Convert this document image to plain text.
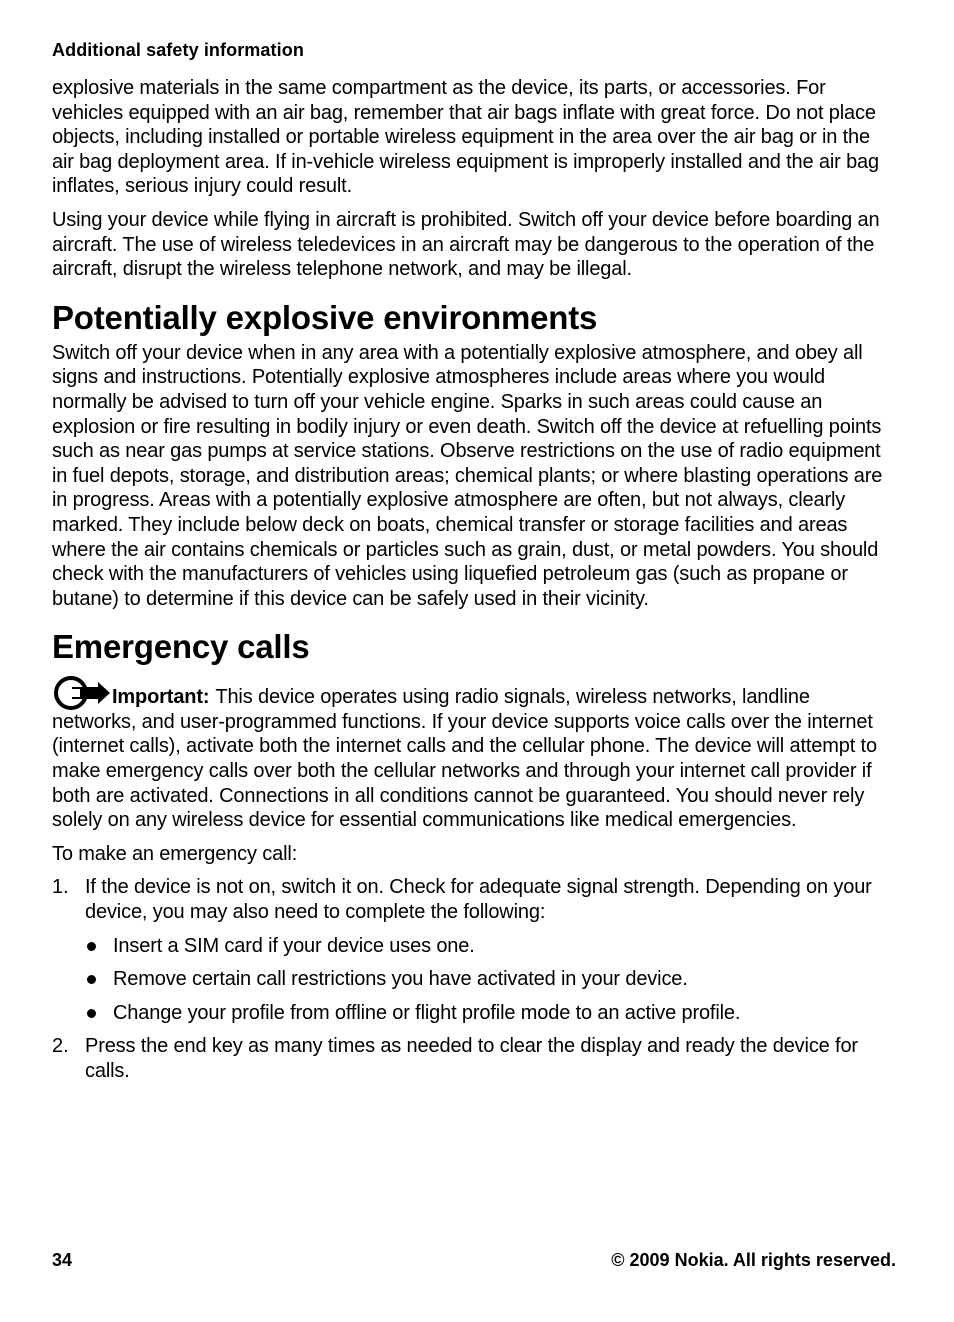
Additional safety information

explosive materials in the same compartment as the device, its parts, or accessories. For vehicles equipped with an air bag, remember that air bags inflate with great force. Do not place objects, including installed or portable wireless equipment in the area over the air bag or in the air bag deployment area. If in-vehicle wireless equipment is improperly installed and the air bag inflates, serious injury could result.

Using your device while flying in aircraft is prohibited. Switch off your device before boarding an aircraft. The use of wireless teledevices in an aircraft may be dangerous to the operation of the aircraft, disrupt the wireless telephone network, and may be illegal.

Potentially explosive environments

Switch off your device when in any area with a potentially explosive atmosphere, and obey all signs and instructions. Potentially explosive atmospheres include areas where you would normally be advised to turn off your vehicle engine. Sparks in such areas could cause an explosion or fire resulting in bodily injury or even death. Switch off the device at refuelling points such as near gas pumps at service stations. Observe restrictions on the use of radio equipment in fuel depots, storage, and distribution areas; chemical plants; or where blasting operations are in progress. Areas with a potentially explosive atmosphere are often, but not always, clearly marked. They include below deck on boats, chemical transfer or storage facilities and areas where the air contains chemicals or particles such as grain, dust, or metal powders. You should check with the manufacturers of vehicles using liquefied petroleum gas (such as propane or butane) to determine if this device can be safely used in their vicinity.

Emergency calls

Important: This device operates using radio signals, wireless networks, landline networks, and user-programmed functions. If your device supports voice calls over the internet (internet calls), activate both the internet calls and the cellular phone. The device will attempt to make emergency calls over both the cellular networks and through your internet call provider if both are activated. Connections in all conditions cannot be guaranteed. You should never rely solely on any wireless device for essential communications like medical emergencies.

To make an emergency call:

1. If the device is not on, switch it on. Check for adequate signal strength. Depending on your device, you may also need to complete the following:

Insert a SIM card if your device uses one.

Remove certain call restrictions you have activated in your device.

Change your profile from offline or flight profile mode to an active profile.

2. Press the end key as many times as needed to clear the display and ready the device for calls.

34	© 2009 Nokia. All rights reserved.
